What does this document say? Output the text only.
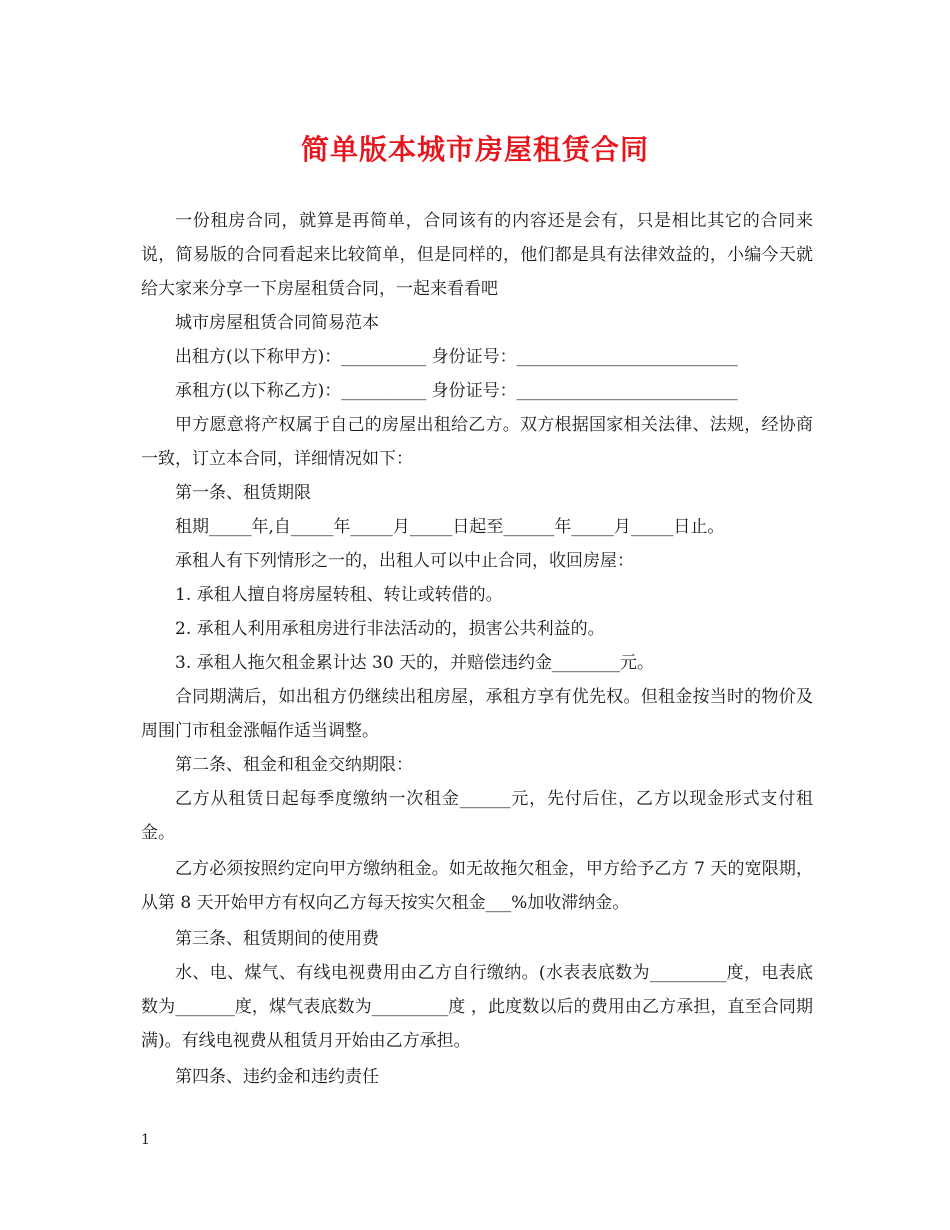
简单版本城市房屋租赁合同

一份租房合同，就算是再简单，合同该有的内容还是会有，只是相比其它的合同来说，简易版的合同看起来比较简单，但是同样的，他们都是具有法律效益的，小编今天就给大家来分享一下房屋租赁合同，一起来看看吧

城市房屋租赁合同简易范本

出租方(以下称甲方)：__________ 身份证号：__________________________

承租方(以下称乙方)：__________ 身份证号：__________________________

甲方愿意将产权属于自己的房屋出租给乙方。双方根据国家相关法律、法规，经协商一致，订立本合同，详细情况如下：

第一条、租赁期限

租期_____年,自_____年_____月_____日起至______年_____月_____日止。

承租人有下列情形之一的，出租人可以中止合同，收回房屋：

1. 承租人擅自将房屋转租、转让或转借的。

2. 承租人利用承租房进行非法活动的，损害公共利益的。

3. 承租人拖欠租金累计达 30 天的，并赔偿违约金________元。

合同期满后，如出租方仍继续出租房屋，承租方享有优先权。但租金按当时的物价及周围门市租金涨幅作适当调整。

第二条、租金和租金交纳期限：

乙方从租赁日起每季度缴纳一次租金______元，先付后住，乙方以现金形式支付租金。

乙方必须按照约定向甲方缴纳租金。如无故拖欠租金，甲方给予乙方 7 天的宽限期，从第 8 天开始甲方有权向乙方每天按实欠租金___%加收滞纳金。

第三条、租赁期间的使用费

水、电、煤气、有线电视费用由乙方自行缴纳。(水表表底数为_________度，电表底数为_______度，煤气表底数为_________度 ，此度数以后的费用由乙方承担，直至合同期满)。有线电视费从租赁月开始由乙方承担。

第四条、违约金和违约责任

1
